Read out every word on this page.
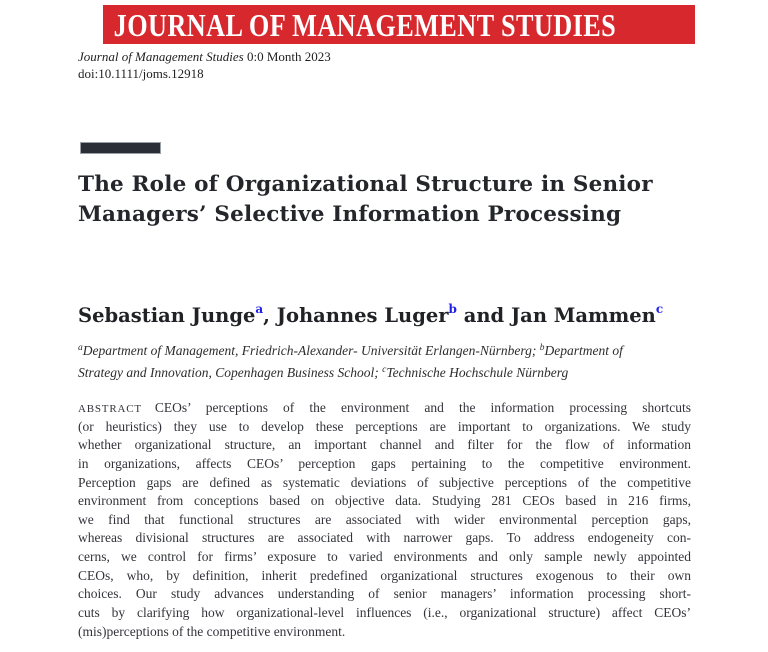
JOURNAL OF MANAGEMENT STUDIES
Journal of Management Studies 0:0 Month 2023
doi:10.1111/joms.12918
The Role of Organizational Structure in Senior
Managers’ Selective Information Processing
Sebastian Junge$^a$, Johannes Luger$^b$ and Jan Mammen$^c$
$^a$Department of Management, Friedrich-Alexander- Universität Erlangen-Nürnberg; $^b$Department of
Strategy and Innovation, Copenhagen Business School; $^c$Technische Hochschule Nürnberg
ABSTRACT CEOs’ perceptions of the environment and the information processing shortcuts
(or heuristics) they use to develop these perceptions are important to organizations. We study
whether organizational structure, an important channel and filter for the flow of information
in organizations, affects CEOs’ perception gaps pertaining to the competitive environment.
Perception gaps are defined as systematic deviations of subjective perceptions of the competitive
environment from conceptions based on objective data. Studying 281 CEOs based in 216 firms,
we find that functional structures are associated with wider environmental perception gaps,
whereas divisional structures are associated with narrower gaps. To address endogeneity con-
cerns, we control for firms’ exposure to varied environments and only sample newly appointed
CEOs, who, by definition, inherit predefined organizational structures exogenous to their own
choices. Our study advances understanding of senior managers’ information processing short-
cuts by clarifying how organizational-level influences (i.e., organizational structure) affect CEOs’
(mis)perceptions of the competitive environment.
